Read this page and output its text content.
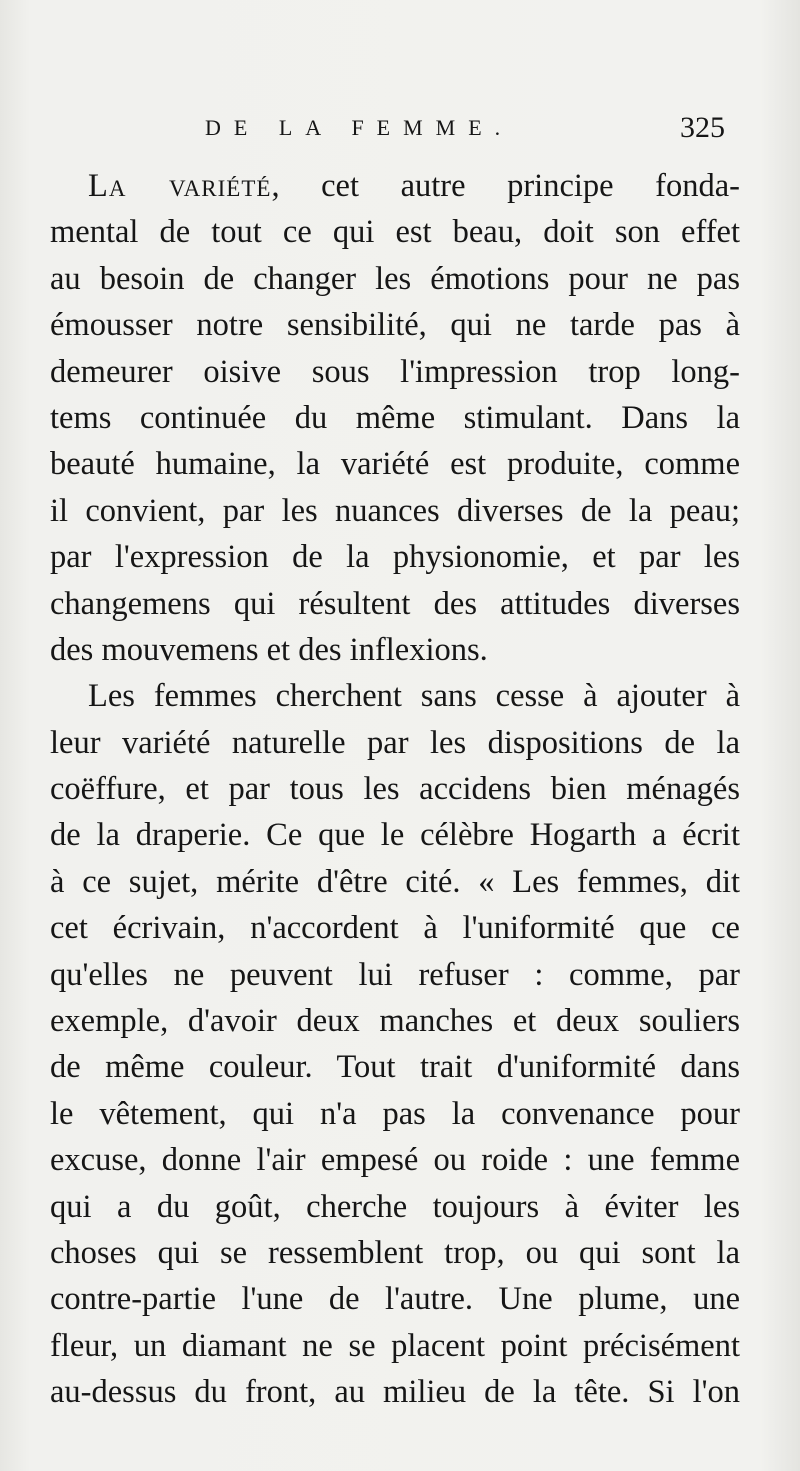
DE LA FEMME.	325
La variété, cet autre principe fonda-
mental de tout ce qui est beau, doit son effet
au besoin de changer les émotions pour ne pas
émousser notre sensibilité, qui ne tarde pas à
demeurer oisive sous l'impression trop long-
tems continuée du même stimulant. Dans la
beauté humaine, la variété est produite, comme
il convient, par les nuances diverses de la peau;
par l'expression de la physionomie, et par les
changemens qui résultent des attitudes diverses
des mouvemens et des inflexions.
Les femmes cherchent sans cesse à ajouter à
leur variété naturelle par les dispositions de la
coëffure, et par tous les accidens bien ménagés
de la draperie. Ce que le célèbre Hogarth a écrit
à ce sujet, mérite d'être cité. « Les femmes, dit
cet écrivain, n'accordent à l'uniformité que ce
qu'elles ne peuvent lui refuser : comme, par
exemple, d'avoir deux manches et deux souliers
de même couleur. Tout trait d'uniformité dans
le vêtement, qui n'a pas la convenance pour
excuse, donne l'air empesé ou roide : une femme
qui a du goût, cherche toujours à éviter les
choses qui se ressemblent trop, ou qui sont la
contre-partie l'une de l'autre. Une plume, une
fleur, un diamant ne se placent point précisément
au-dessus du front, au milieu de la tête. Si l'on
